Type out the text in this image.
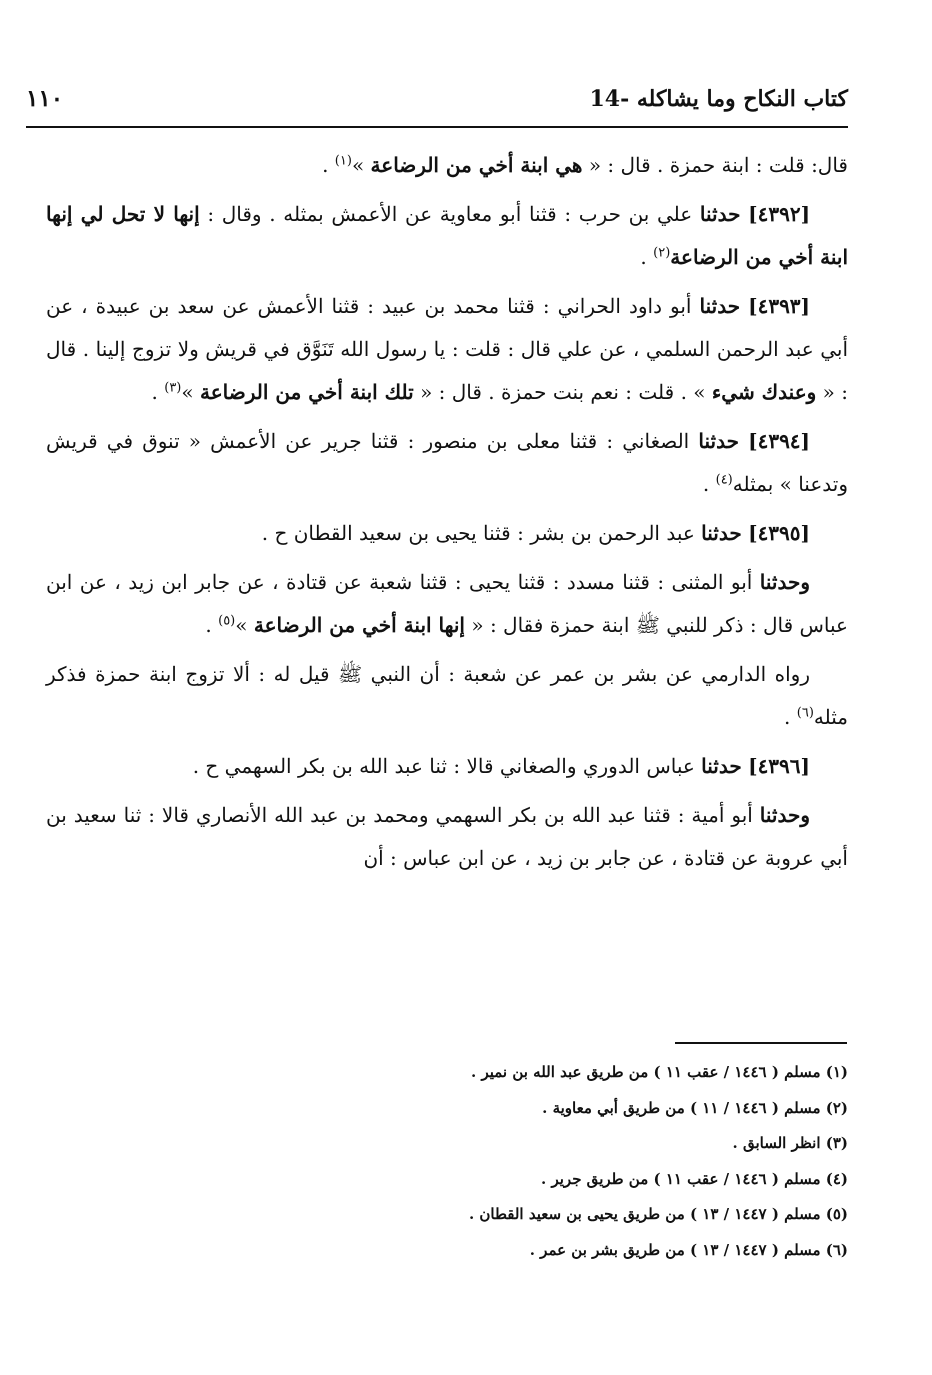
١١٠	14- كتاب النكاح وما يشاكله

قال: قلت : ابنة حمزة . قال : « هي ابنة أخي من الرضاعة »$^{(١)}$ .

[٤٣٩٢] حدثنا علي بن حرب : قثنا أبو معاوية عن الأعمش بمثله . وقال : إنها لا تحل لي إنها ابنة أخي من الرضاعة$^{(٢)}$ .

[٤٣٩٣] حدثنا أبو داود الحراني : قثنا محمد بن عبيد : قثنا الأعمش عن سعد بن عبيدة ، عن أبي عبد الرحمن السلمي ، عن علي قال : قلت : يا رسول الله تَنَوَّق في قريش ولا تزوج إلينا . قال : « وعندك شيء » . قلت : نعم بنت حمزة . قال : « تلك ابنة أخي من الرضاعة »$^{(٣)}$ .

[٤٣٩٤] حدثنا الصغاني : قثنا معلى بن منصور : قثنا جرير عن الأعمش « تنوق في قريش وتدعنا » بمثله$^{(٤)}$ .

[٤٣٩٥] حدثنا عبد الرحمن بن بشر : قثنا يحيى بن سعيد القطان ح .

وحدثنا أبو المثنى : قثنا مسدد : قثنا يحيى : قثنا شعبة عن قتادة ، عن جابر ابن زيد ، عن ابن عباس قال : ذكر للنبي ﷺ ابنة حمزة فقال : « إنها ابنة أخي من الرضاعة »$^{(٥)}$ .

رواه الدارمي عن بشر بن عمر عن شعبة : أن النبي ﷺ قيل له : ألا تزوج ابنة حمزة فذكر مثله$^{(٦)}$ .

[٤٣٩٦] حدثنا عباس الدوري والصغاني قالا : ثنا عبد الله بن بكر السهمي ح .

وحدثنا أبو أمية : قثنا عبد الله بن بكر السهمي ومحمد بن عبد الله الأنصاري قالا : ثنا سعيد بن أبي عروبة عن قتادة ، عن جابر بن زيد ، عن ابن عباس : أن

(١) مسلم ( ١٤٤٦ / عقب ١١ ) من طريق عبد الله بن نمير .
(٢) مسلم ( ١٤٤٦ / ١١ ) من طريق أبي معاوية .
(٣) انظر السابق .
(٤) مسلم ( ١٤٤٦ / عقب ١١ ) من طريق جرير .
(٥) مسلم ( ١٤٤٧ / ١٣ ) من طريق يحيى بن سعيد القطان .
(٦) مسلم ( ١٤٤٧ / ١٣ ) من طريق بشر بن عمر .
